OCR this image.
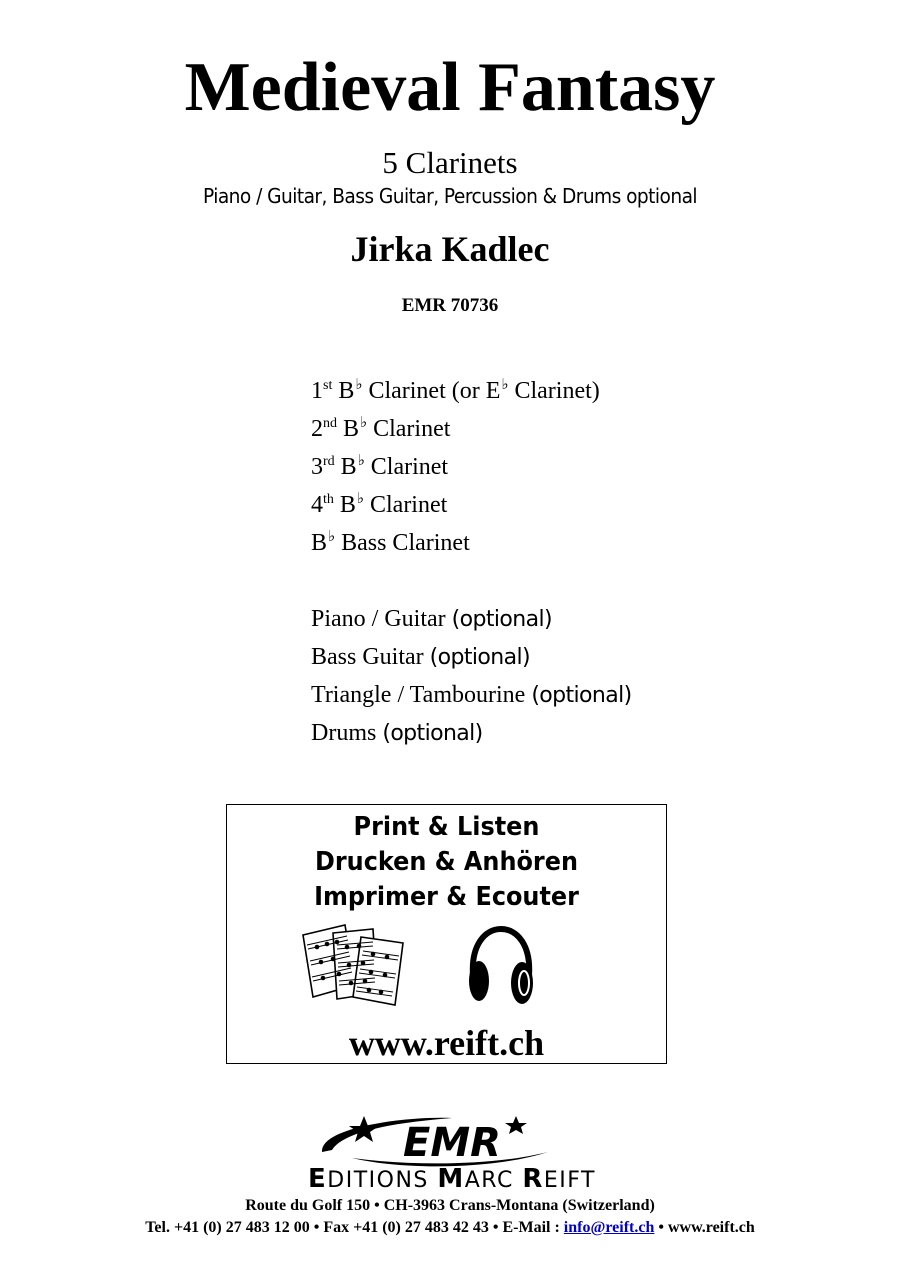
Medieval Fantasy
5 Clarinets
Piano / Guitar, Bass Guitar, Percussion & Drums optional
Jirka Kadlec
EMR 70736
1st B♭ Clarinet (or E♭ Clarinet)
2nd B♭ Clarinet
3rd B♭ Clarinet
4th B♭ Clarinet
B♭ Bass Clarinet
Piano / Guitar (optional)
Bass Guitar (optional)
Triangle / Tambourine (optional)
Drums (optional)
Print & Listen
Drucken & Anhören
Imprimer & Ecouter
www.reift.ch
EMR
EDITIONS MARC REIFT
Route du Golf 150 • CH-3963 Crans-Montana (Switzerland)
Tel. +41 (0) 27 483 12 00 • Fax +41 (0) 27 483 42 43 • E-Mail : info@reift.ch • www.reift.ch
